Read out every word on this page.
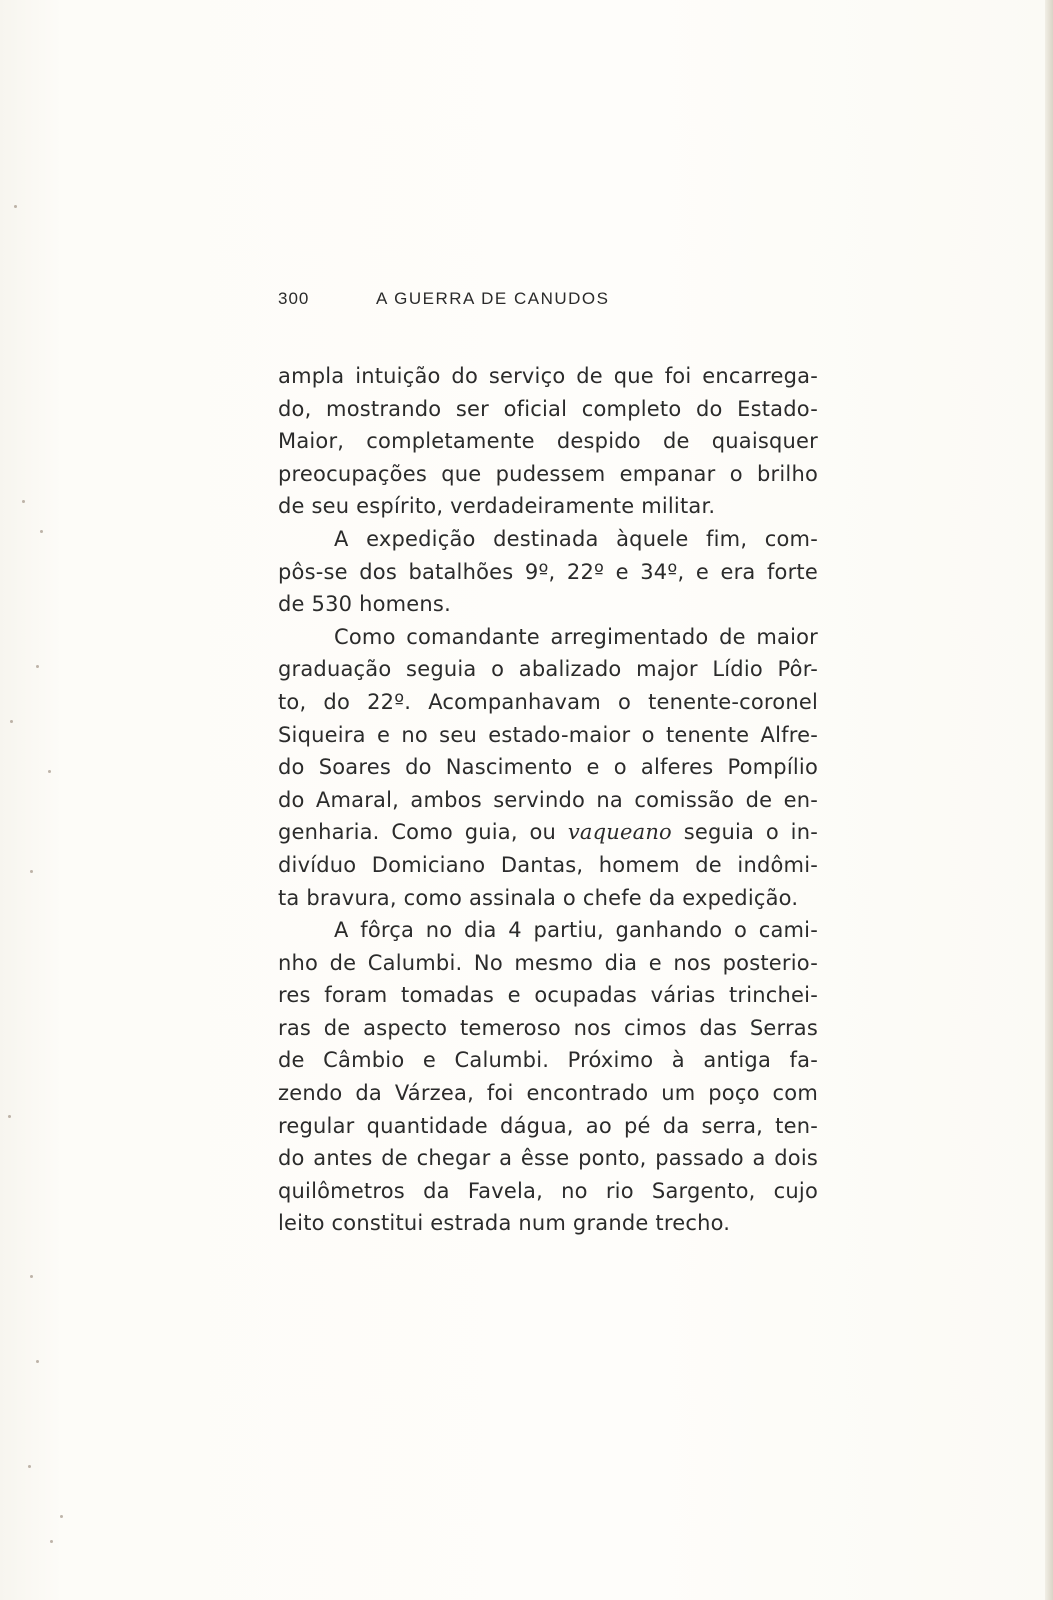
300	A GUERRA DE CANUDOS
ampla intuição do serviço de que foi encarrega-
do, mostrando ser oficial completo do Estado-
Maior, completamente despido de quaisquer
preocupações que pudessem empanar o brilho
de seu espírito, verdadeiramente militar.
A expedição destinada àquele fim, com-
pôs-se dos batalhões 9º, 22º e 34º, e era forte
de 530 homens.
Como comandante arregimentado de maior
graduação seguia o abalizado major Lídio Pôr-
to, do 22º. Acompanhavam o tenente-coronel
Siqueira e no seu estado-maior o tenente Alfre-
do Soares do Nascimento e o alferes Pompílio
do Amaral, ambos servindo na comissão de en-
genharia. Como guia, ou vaqueano seguia o in-
divíduo Domiciano Dantas, homem de indômi-
ta bravura, como assinala o chefe da expedição.
A fôrça no dia 4 partiu, ganhando o cami-
nho de Calumbi. No mesmo dia e nos posterio-
res foram tomadas e ocupadas várias trinchei-
ras de aspecto temeroso nos cimos das Serras
de Câmbio e Calumbi. Próximo à antiga fa-
zendo da Várzea, foi encontrado um poço com
regular quantidade dágua, ao pé da serra, ten-
do antes de chegar a êsse ponto, passado a dois
quilômetros da Favela, no rio Sargento, cujo
leito constitui estrada num grande trecho.
